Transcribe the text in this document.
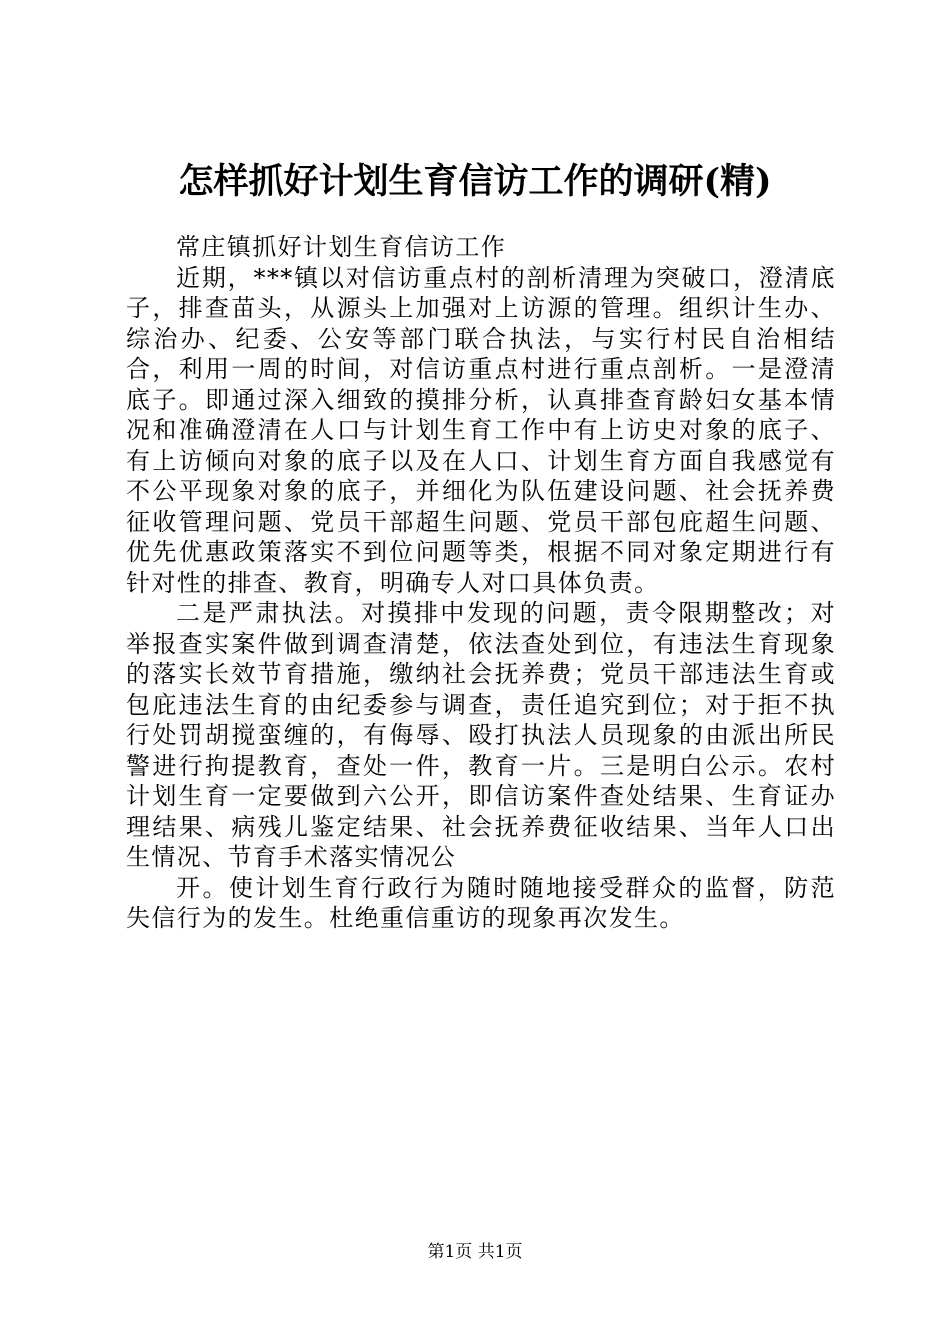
怎样抓好计划生育信访工作的调研(精)

常庄镇抓好计划生育信访工作

近期，***镇以对信访重点村的剖析清理为突破口，澄清底子，排查苗头，从源头上加强对上访源的管理。组织计生办、综治办、纪委、公安等部门联合执法，与实行村民自治相结合，利用一周的时间，对信访重点村进行重点剖析。一是澄清底子。即通过深入细致的摸排分析，认真排查育龄妇女基本情况和准确澄清在人口与计划生育工作中有上访史对象的底子、有上访倾向对象的底子以及在人口、计划生育方面自我感觉有不公平现象对象的底子，并细化为队伍建设问题、社会抚养费征收管理问题、党员干部超生问题、党员干部包庇超生问题、优先优惠政策落实不到位问题等类，根据不同对象定期进行有针对性的排查、教育，明确专人对口具体负责。

二是严肃执法。对摸排中发现的问题，责令限期整改；对举报查实案件做到调查清楚，依法查处到位，有违法生育现象的落实长效节育措施，缴纳社会抚养费；党员干部违法生育或包庇违法生育的由纪委参与调查，责任追究到位；对于拒不执行处罚胡搅蛮缠的，有侮辱、殴打执法人员现象的由派出所民警进行拘提教育，查处一件，教育一片。三是明白公示。农村计划生育一定要做到六公开，即信访案件查处结果、生育证办理结果、病残儿鉴定结果、社会抚养费征收结果、当年人口出生情况、节育手术落实情况公

开。使计划生育行政行为随时随地接受群众的监督，防范失信行为的发生。杜绝重信重访的现象再次发生。

第1页 共1页
